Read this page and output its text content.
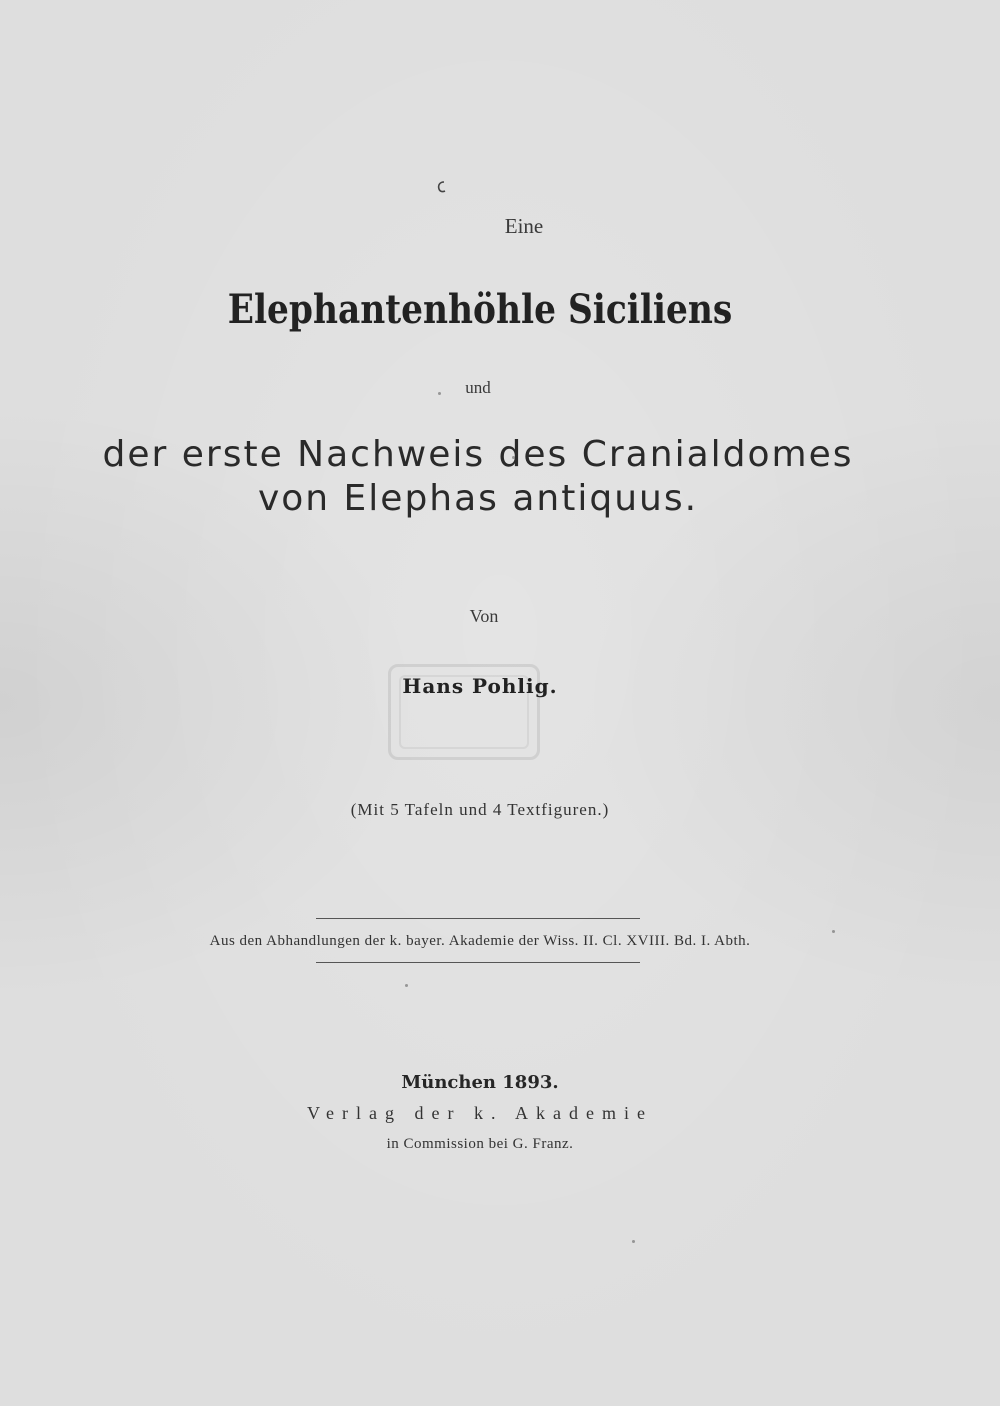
Eine
Elephantenhöhle Siciliens
und
der erste Nachweis des Cranialdomes
von Elephas antiquus.
Von
Hans Pohlig.
(Mit 5 Tafeln und 4 Textfiguren.)
Aus den Abhandlungen der k. bayer. Akademie der Wiss. II. Cl. XVIII. Bd. I. Abth.
München 1893.
Verlag der k. Akademie
in Commission bei G. Franz.
